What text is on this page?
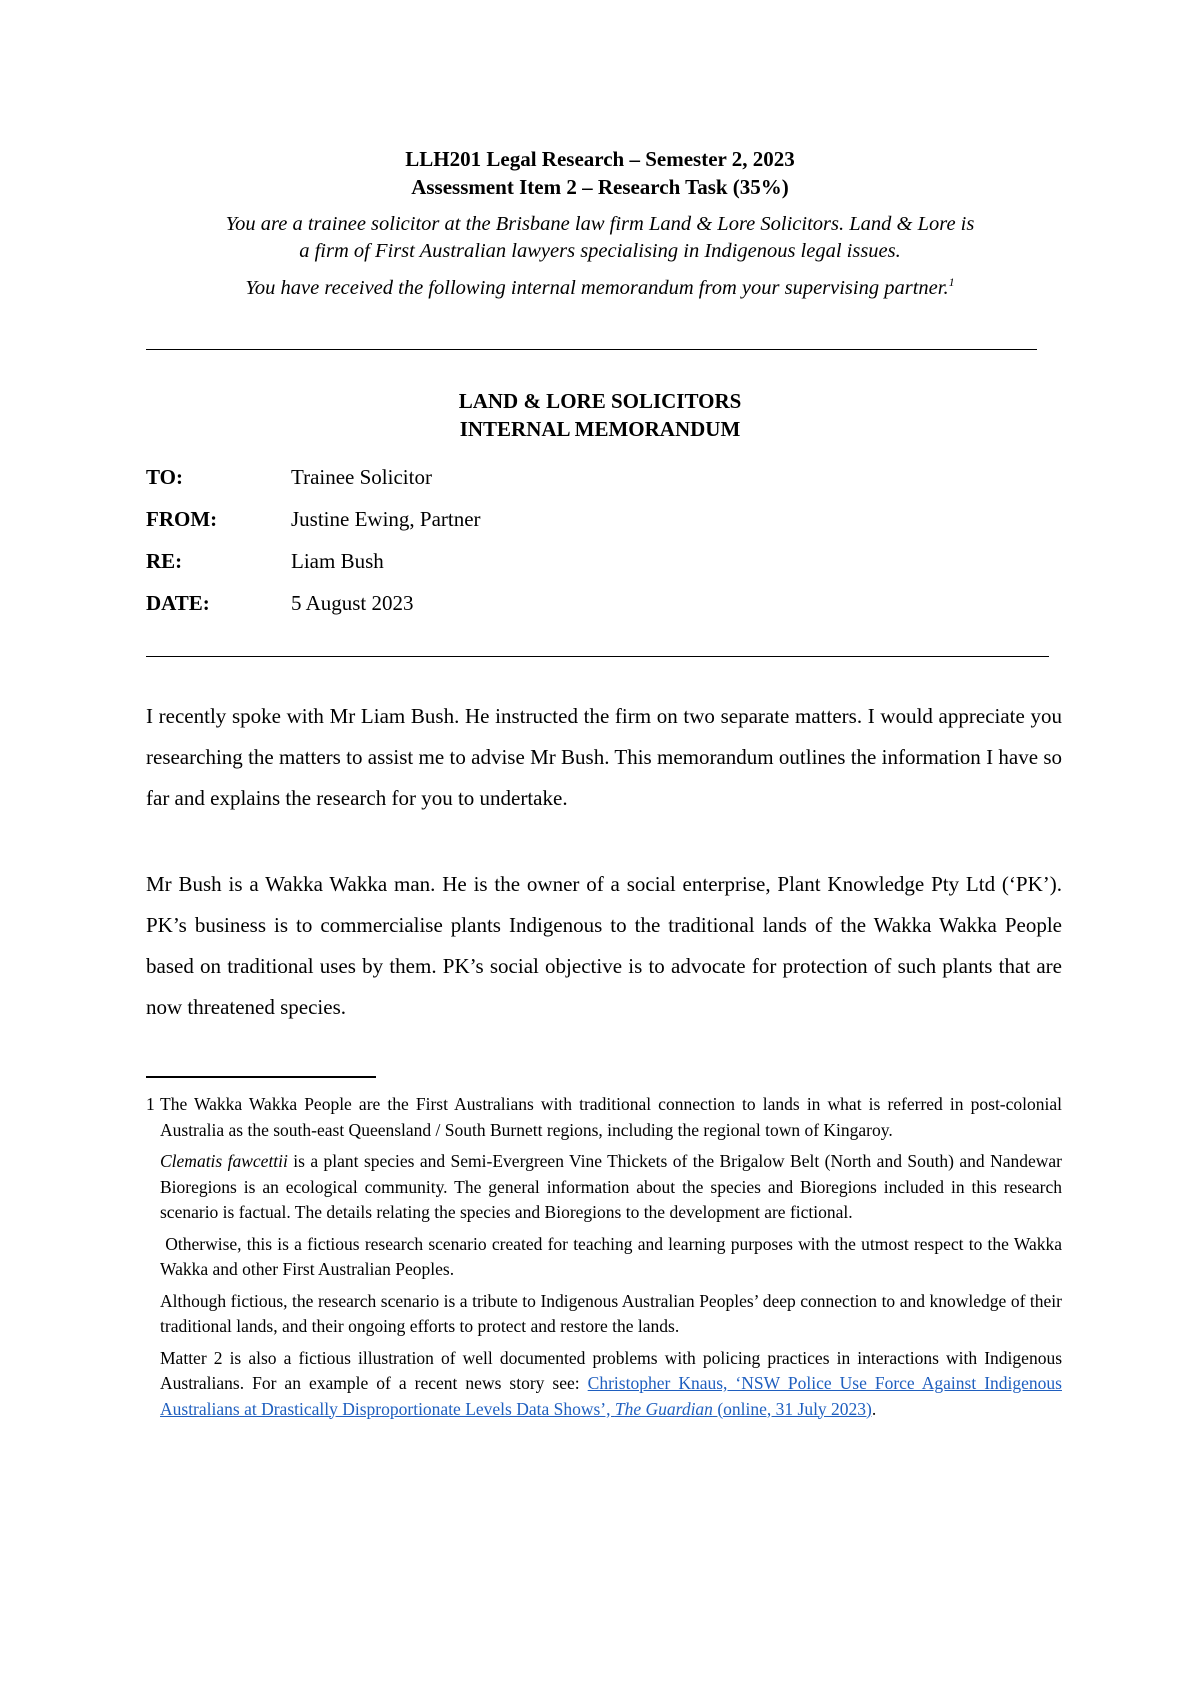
LLH201 Legal Research – Semester 2, 2023

Assessment Item 2 – Research Task (35%)

You are a trainee solicitor at the Brisbane law firm Land & Lore Solicitors. Land & Lore is

a firm of First Australian lawyers specialising in Indigenous legal issues.

You have received the following internal memorandum from your supervising partner.$^1$

LAND & LORE SOLICITORS
INTERNAL MEMORANDUM
TO:	Trainee Solicitor
FROM:	Justine Ewing, Partner
RE:	Liam Bush
DATE:	5 August 2023

I recently spoke with Mr Liam Bush. He instructed the firm on two separate matters. I would appreciate you researching the matters to assist me to advise Mr Bush. This memorandum outlines the information I have so far and explains the research for you to undertake.

Mr Bush is a Wakka Wakka man. He is the owner of a social enterprise, Plant Knowledge Pty Ltd (‘PK’). PK’s business is to commercialise plants Indigenous to the traditional lands of the Wakka Wakka People based on traditional uses by them. PK’s social objective is to advocate for protection of such plants that are now threatened species.

1 The Wakka Wakka People are the First Australians with traditional connection to lands in what is referred in post-colonial Australia as the south-east Queensland / South Burnett regions, including the regional town of Kingaroy.

Clematis fawcettii is a plant species and Semi-Evergreen Vine Thickets of the Brigalow Belt (North and South) and Nandewar Bioregions is an ecological community. The general information about the species and Bioregions included in this research scenario is factual. The details relating the species and Bioregions to the development are fictional.

Otherwise, this is a fictious research scenario created for teaching and learning purposes with the utmost respect to the Wakka Wakka and other First Australian Peoples.

Although fictious, the research scenario is a tribute to Indigenous Australian Peoples’ deep connection to and knowledge of their traditional lands, and their ongoing efforts to protect and restore the lands.

Matter 2 is also a fictious illustration of well documented problems with policing practices in interactions with Indigenous Australians. For an example of a recent news story see: Christopher Knaus, ‘NSW Police Use Force Against Indigenous Australians at Drastically Disproportionate Levels Data Shows’, The Guardian (online, 31 July 2023).
